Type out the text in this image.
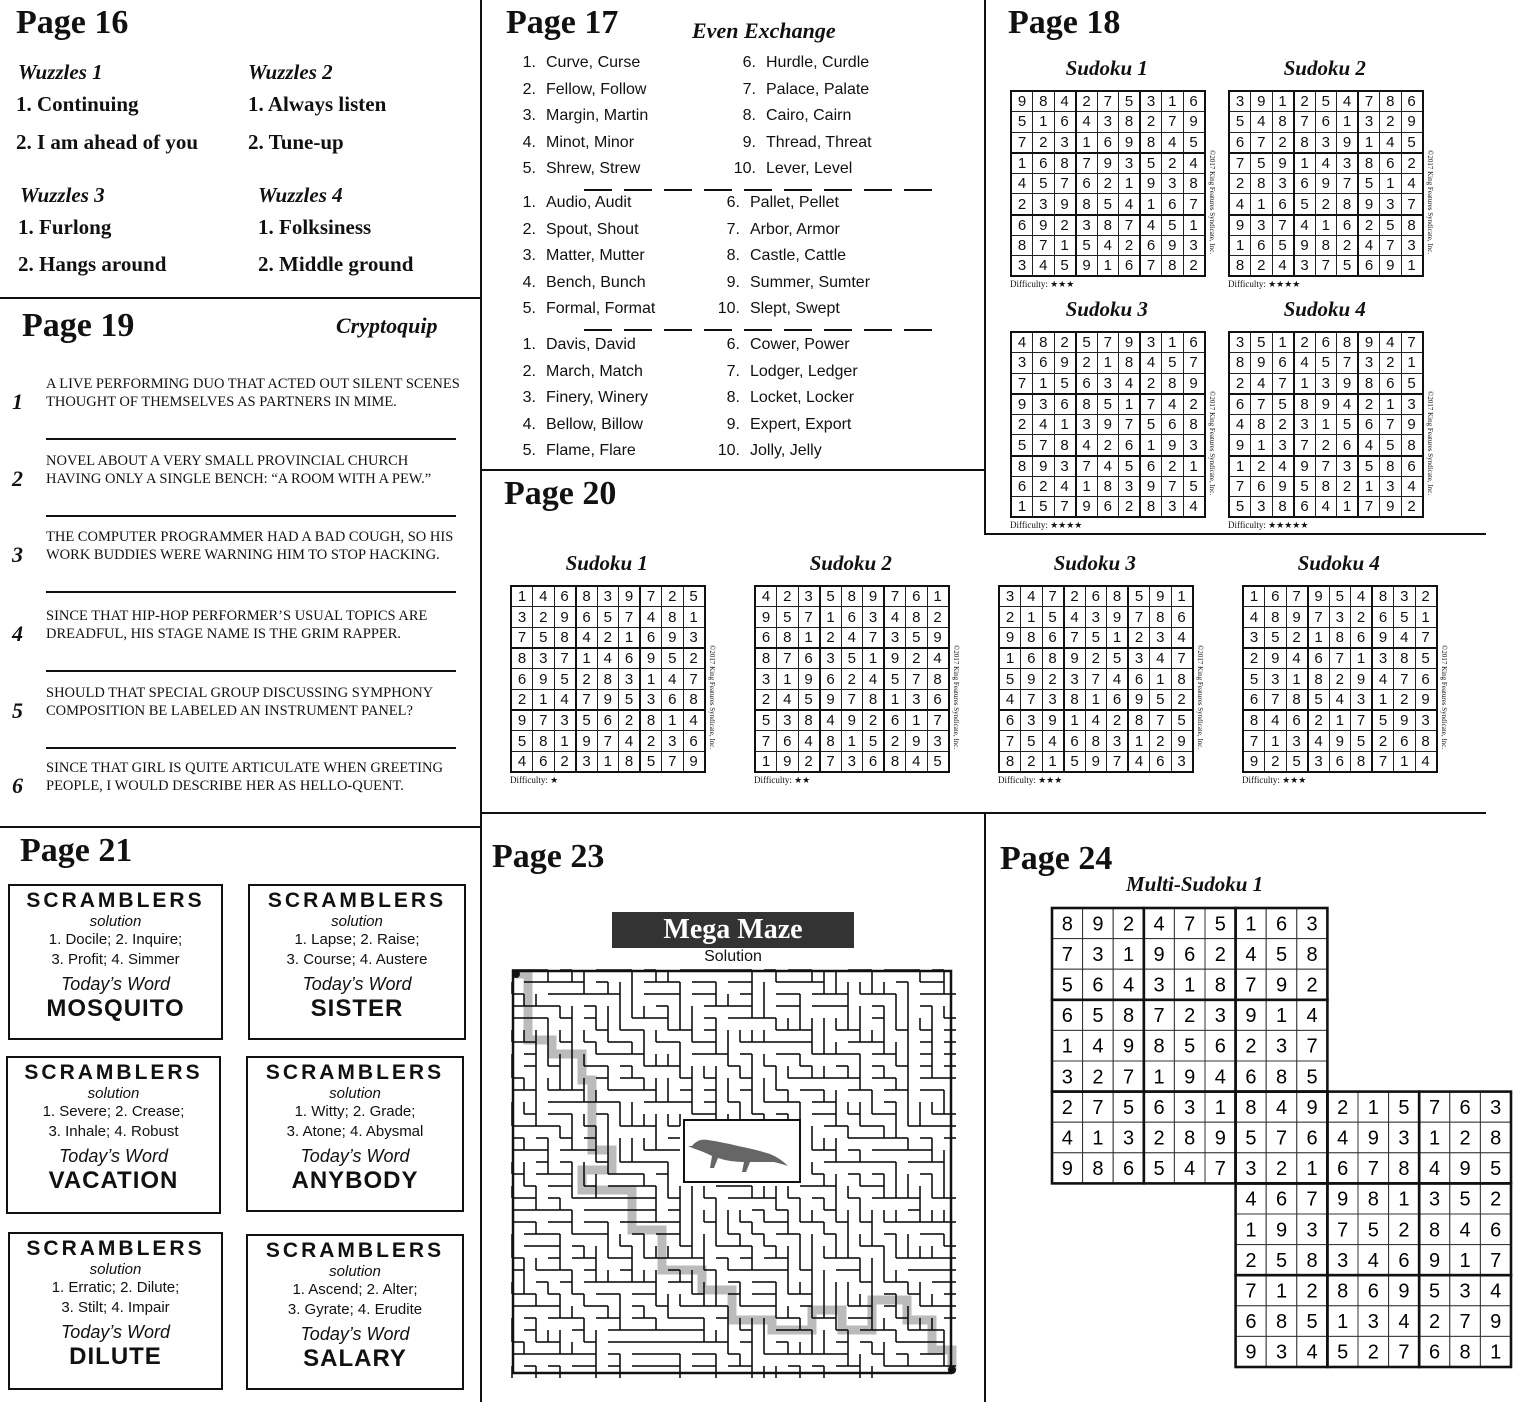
Page 16
Wuzzles 1
1. Continuing
2. I am ahead of you
Wuzzles 2
1. Always listen
2. Tune-up
Wuzzles 3
1. Furlong
2. Hangs around
Wuzzles 4
1. Folksiness
2. Middle ground
Page 17	Even Exchange
1. Curve, Curse
2. Fellow, Follow
3. Margin, Martin
4. Minot, Minor
5. Shrew, Strew
6. Hurdle, Curdle
7. Palace, Palate
8. Cairo, Cairn
9. Thread, Threat
10. Lever, Level
1. Audio, Audit
2. Spout, Shout
3. Matter, Mutter
4. Bench, Bunch
5. Formal, Format
6. Pallet, Pellet
7. Arbor, Armor
8. Castle, Cattle
9. Summer, Sumter
10. Slept, Swept
1. Davis, David
2. March, Match
3. Finery, Winery
4. Bellow, Billow
5. Flame, Flare
6. Cower, Power
7. Lodger, Ledger
8. Locket, Locker
9. Expert, Export
10. Jolly, Jelly
Page 18
Sudoku 1
9	8	4	2	7	5	3	1	6
5	1	6	4	3	8	2	7	9
7	2	3	1	6	9	8	4	5
1	6	8	7	9	3	5	2	4
4	5	7	6	2	1	9	3	8
2	3	9	8	5	4	1	6	7
6	9	2	3	8	7	4	5	1
8	7	1	5	4	2	6	9	3
3	4	5	9	1	6	7	8	2
Difficulty: ★★★
©2017 King Features Syndicate, Inc.
Sudoku 2
3	9	1	2	5	4	7	8	6
5	4	8	7	6	1	3	2	9
6	7	2	8	3	9	1	4	5
7	5	9	1	4	3	8	6	2
2	8	3	6	9	7	5	1	4
4	1	6	5	2	8	9	3	7
9	3	7	4	1	6	2	5	8
1	6	5	9	8	2	4	7	3
8	2	4	3	7	5	6	9	1
Difficulty: ★★★★
©2017 King Features Syndicate, Inc.
Sudoku 3
4	8	2	5	7	9	3	1	6
3	6	9	2	1	8	4	5	7
7	1	5	6	3	4	2	8	9
9	3	6	8	5	1	7	4	2
2	4	1	3	9	7	5	6	8
5	7	8	4	2	6	1	9	3
8	9	3	7	4	5	6	2	1
6	2	4	1	8	3	9	7	5
1	5	7	9	6	2	8	3	4
Difficulty: ★★★★
©2017 King Features Syndicate, Inc.
Sudoku 4
3	5	1	2	6	8	9	4	7
8	9	6	4	5	7	3	2	1
2	4	7	1	3	9	8	6	5
6	7	5	8	9	4	2	1	3
4	8	2	3	1	5	6	7	9
9	1	3	7	2	6	4	5	8
1	2	4	9	7	3	5	8	6
7	6	9	5	8	2	1	3	4
5	3	8	6	4	1	7	9	2
Difficulty: ★★★★★
©2017 King Features Syndicate, Inc.
Page 19	Cryptoquip
1
A LIVE PERFORMING DUO THAT ACTED OUT SILENT SCENES THOUGHT OF THEMSELVES AS PARTNERS IN MIME.
2
NOVEL ABOUT A VERY SMALL PROVINCIAL CHURCH HAVING ONLY A SINGLE BENCH: “A ROOM WITH A PEW.”
3
THE COMPUTER PROGRAMMER HAD A BAD COUGH, SO HIS WORK BUDDIES WERE WARNING HIM TO STOP HACKING.
4
SINCE THAT HIP-HOP PERFORMER’S USUAL TOPICS ARE DREADFUL, HIS STAGE NAME IS THE GRIM RAPPER.
5
SHOULD THAT SPECIAL GROUP DISCUSSING SYMPHONY COMPOSITION BE LABELED AN INSTRUMENT PANEL?
6
SINCE THAT GIRL IS QUITE ARTICULATE WHEN GREETING PEOPLE, I WOULD DESCRIBE HER AS HELLO-QUENT.
Page 20
Sudoku 1
1	4	6	8	3	9	7	2	5
3	2	9	6	5	7	4	8	1
7	5	8	4	2	1	6	9	3
8	3	7	1	4	6	9	5	2
6	9	5	2	8	3	1	4	7
2	1	4	7	9	5	3	6	8
9	7	3	5	6	2	8	1	4
5	8	1	9	7	4	2	3	6
4	6	2	3	1	8	5	7	9
Difficulty: ★
©2017 King Features Syndicate, Inc.
Sudoku 2
4	2	3	5	8	9	7	6	1
9	5	7	1	6	3	4	8	2
6	8	1	2	4	7	3	5	9
8	7	6	3	5	1	9	2	4
3	1	9	6	2	4	5	7	8
2	4	5	9	7	8	1	3	6
5	3	8	4	9	2	6	1	7
7	6	4	8	1	5	2	9	3
1	9	2	7	3	6	8	4	5
Difficulty: ★★
©2017 King Features Syndicate, Inc.
Sudoku 3
3	4	7	2	6	8	5	9	1
2	1	5	4	3	9	7	8	6
9	8	6	7	5	1	2	3	4
1	6	8	9	2	5	3	4	7
5	9	2	3	7	4	6	1	8
4	7	3	8	1	6	9	5	2
6	3	9	1	4	2	8	7	5
7	5	4	6	8	3	1	2	9
8	2	1	5	9	7	4	6	3
Difficulty: ★★★
©2017 King Features Syndicate, Inc.
Sudoku 4
1	6	7	9	5	4	8	3	2
4	8	9	7	3	2	6	5	1
3	5	2	1	8	6	9	4	7
2	9	4	6	7	1	3	8	5
5	3	1	8	2	9	4	7	6
6	7	8	5	4	3	1	2	9
8	4	6	2	1	7	5	9	3
7	1	3	4	9	5	2	6	8
9	2	5	3	6	8	7	1	4
Difficulty: ★★★
©2017 King Features Syndicate, Inc.
Page 21
SCRAMBLERS
solution
1. Docile; 2. Inquire;
3. Profit; 4. Simmer
Today’s Word
MOSQUITO
SCRAMBLERS
solution
1. Lapse; 2. Raise;
3. Course; 4. Austere
Today’s Word
SISTER
SCRAMBLERS
solution
1. Severe; 2. Crease;
3. Inhale; 4. Robust
Today’s Word
VACATION
SCRAMBLERS
solution
1. Witty; 2. Grade;
3. Atone; 4. Abysmal
Today’s Word
ANYBODY
SCRAMBLERS
solution
1. Erratic; 2. Dilute;
3. Stilt; 4. Impair
Today’s Word
DILUTE
SCRAMBLERS
solution
1. Ascend; 2. Alter;
3. Gyrate; 4. Erudite
Today’s Word
SALARY
Page 23
Mega Maze
Solution
Page 24
Multi-Sudoku 1
8 9 2 4 7 5 1 6 3
7 3 1 9 6 2 4 5 8
5 6 4 3 1 8 7 9 2
6 5 8 7 2 3 9 1 4
1 4 9 8 5 6 2 3 7
3 2 7 1 9 4 6 8 5
2 7 5 6 3 1 8 4 9 2 1 5 7 6 3
4 1 3 2 8 9 5 7 6 4 9 3 1 2 8
9 8 6 5 4 7 3 2 1 6 7 8 4 9 5
4 6 7 9 8 1 3 5 2
1 9 3 7 5 2 8 4 6
2 5 8 3 4 6 9 1 7
7 1 2 8 6 9 5 3 4
6 8 5 1 3 4 2 7 9
9 3 4 5 2 7 6 8 1
